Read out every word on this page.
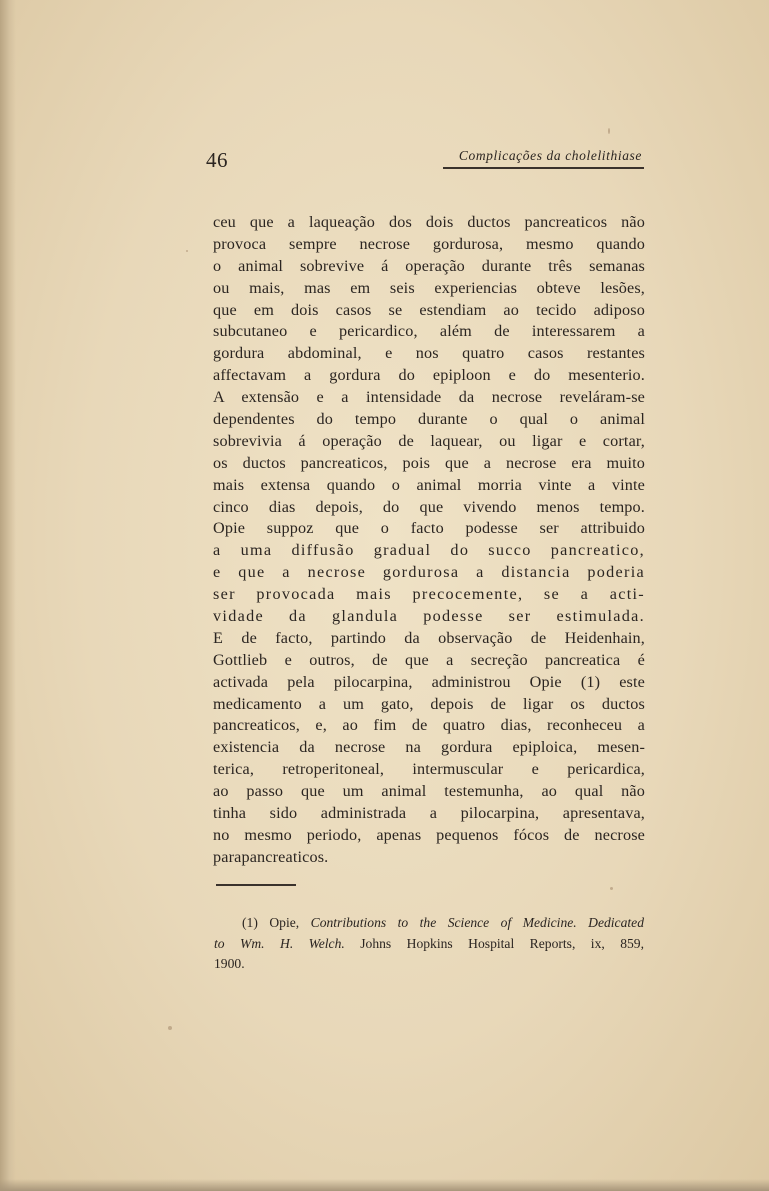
46	Complicações da cholelithiase
ceu que a laqueação dos dois ductos pancreaticos não
provoca sempre necrose gordurosa, mesmo quando
o animal sobrevive á operação durante três semanas
ou mais, mas em seis experiencias obteve lesões,
que em dois casos se estendiam ao tecido adiposo
subcutaneo e pericardico, além de interessarem a
gordura abdominal, e nos quatro casos restantes
affectavam a gordura do epiploon e do mesenterio.
A extensão e a intensidade da necrose reveláram-se
dependentes do tempo durante o qual o animal
sobrevivia á operação de laquear, ou ligar e cortar,
os ductos pancreaticos, pois que a necrose era muito
mais extensa quando o animal morria vinte a vinte
cinco dias depois, do que vivendo menos tempo.
Opie suppoz que o facto podesse ser attribuido
a uma diffusão gradual do succo pancreatico,
e que a necrose gordurosa a distancia poderia
ser provocada mais precocemente, se a acti-
vidade da glandula podesse ser estimulada.
E de facto, partindo da observação de Heidenhain,
Gottlieb e outros, de que a secreção pancreatica é
activada pela pilocarpina, administrou Opie (1) este
medicamento a um gato, depois de ligar os ductos
pancreaticos, e, ao fim de quatro dias, reconheceu a
existencia da necrose na gordura epiploica, mesen-
terica, retroperitoneal, intermuscular e pericardica,
ao passo que um animal testemunha, ao qual não
tinha sido administrada a pilocarpina, apresentava,
no mesmo periodo, apenas pequenos fócos de necrose
parapancreaticos.
(1) Opie, Contributions to the Science of Medicine. Dedicated
to Wm. H. Welch. Johns Hopkins Hospital Reports, ix, 859,
1900.
